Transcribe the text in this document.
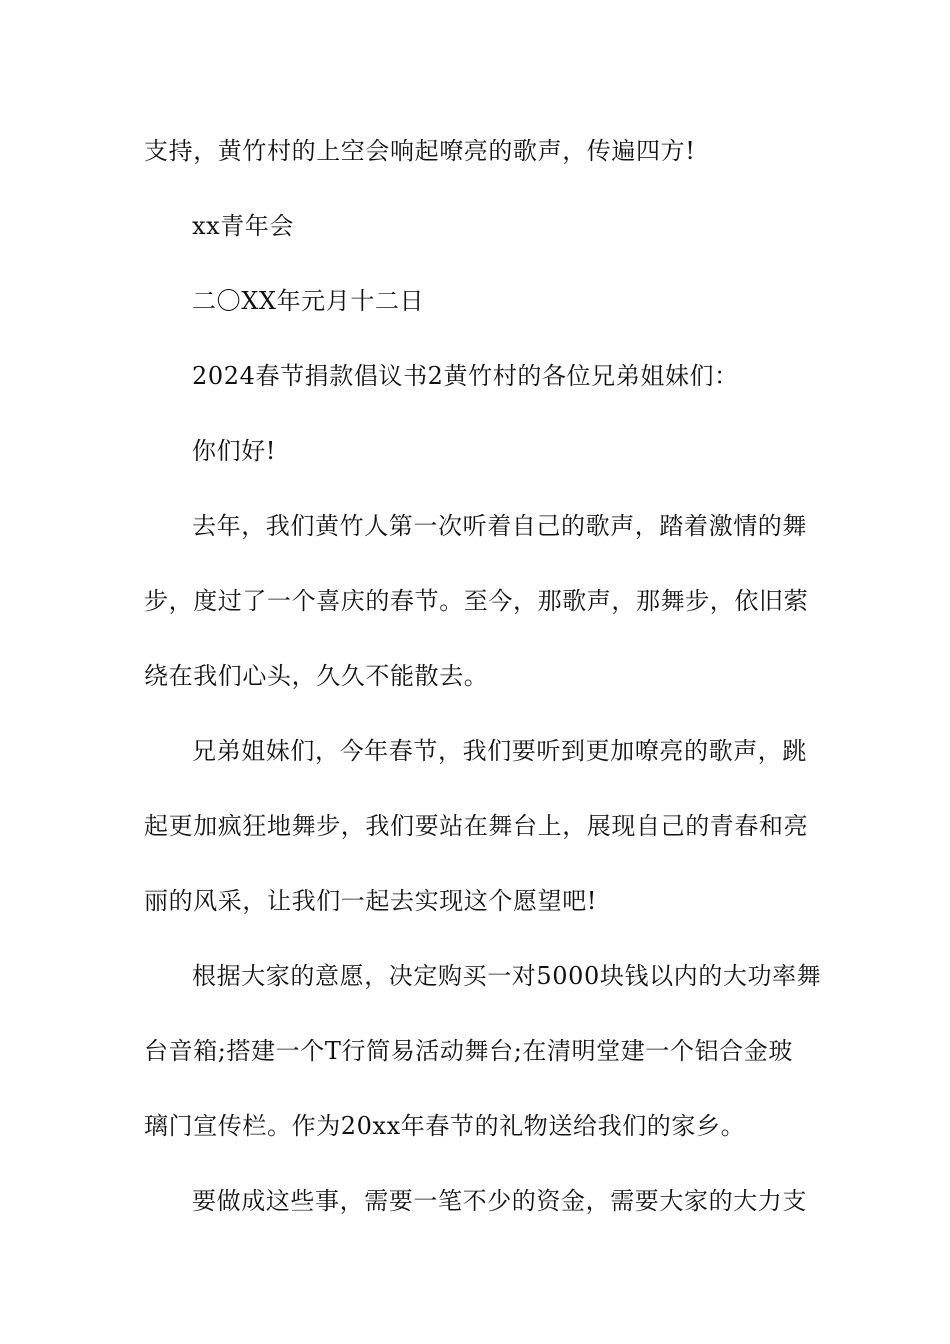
支持，黄竹村的上空会响起嘹亮的歌声，传遍四方!
xx青年会
二〇XX年元月十二日
2024春节捐款倡议书2黄竹村的各位兄弟姐妹们：
你们好!
去年，我们黄竹人第一次听着自己的歌声，踏着激情的舞
步，度过了一个喜庆的春节。至今，那歌声，那舞步，依旧萦
绕在我们心头，久久不能散去。
兄弟姐妹们，今年春节，我们要听到更加嘹亮的歌声，跳
起更加疯狂地舞步，我们要站在舞台上，展现自己的青春和亮
丽的风采，让我们一起去实现这个愿望吧!
根据大家的意愿，决定购买一对5000块钱以内的大功率舞
台音箱;搭建一个T行简易活动舞台;在清明堂建一个铝合金玻
璃门宣传栏。作为20xx年春节的礼物送给我们的家乡。
要做成这些事，需要一笔不少的资金，需要大家的大力支
